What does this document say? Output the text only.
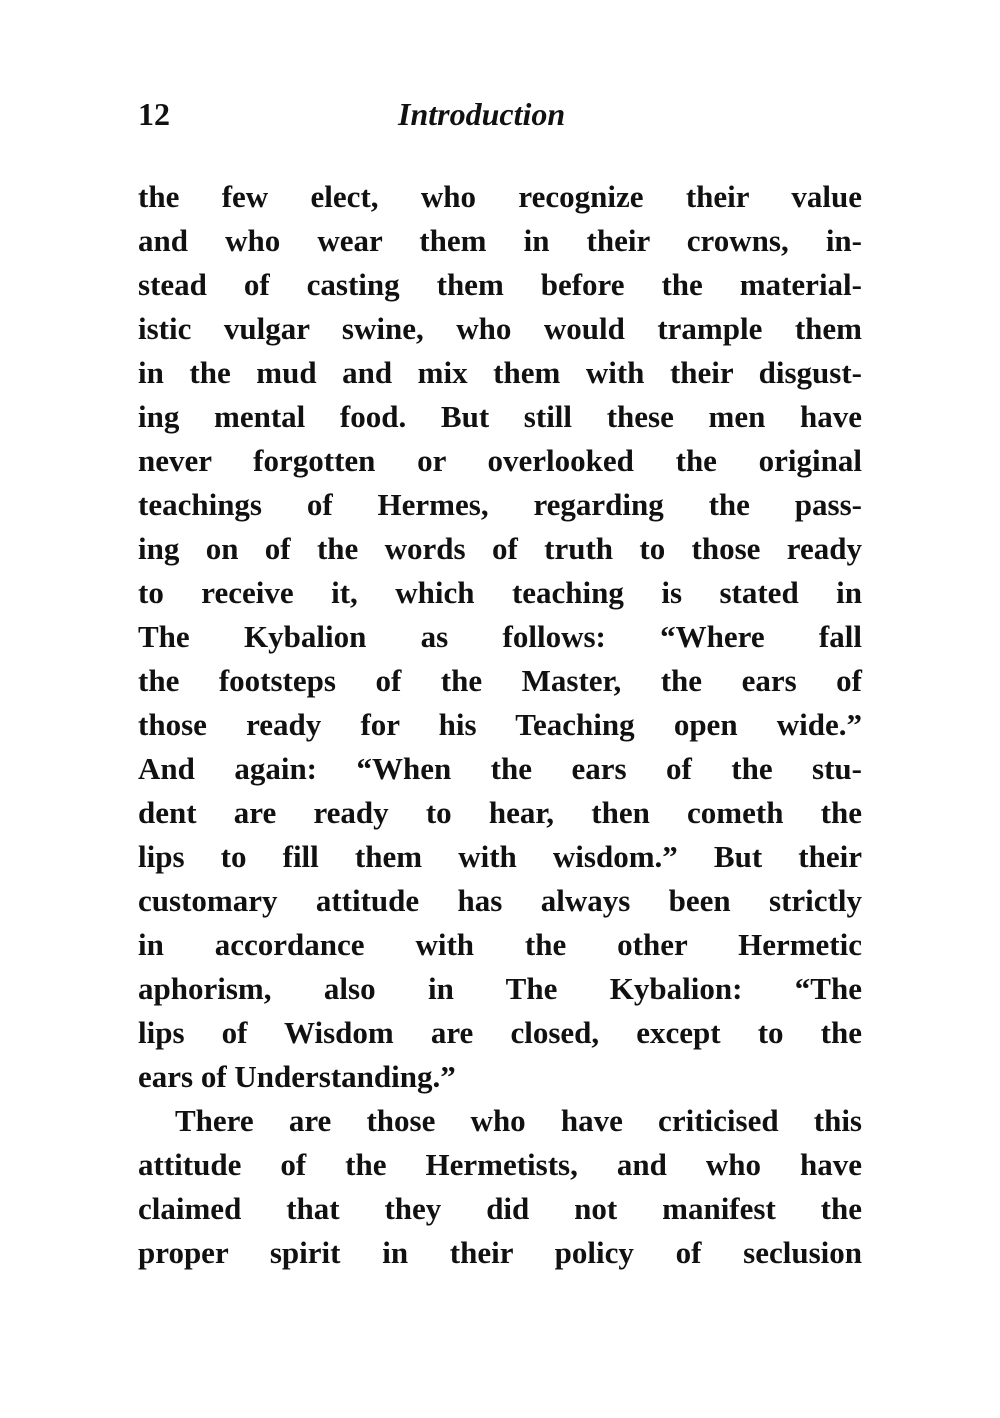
12	Introduction
the few elect, who recognize their value
and who wear them in their crowns, in-
stead of casting them before the material-
istic vulgar swine, who would trample them
in the mud and mix them with their disgust-
ing mental food. But still these men have
never forgotten or overlooked the original
teachings of Hermes, regarding the pass-
ing on of the words of truth to those ready
to receive it, which teaching is stated in
The Kybalion as follows: “Where fall
the footsteps of the Master, the ears of
those ready for his Teaching open wide.”
And again: “When the ears of the stu-
dent are ready to hear, then cometh the
lips to fill them with wisdom.” But their
customary attitude has always been strictly
in accordance with the other Hermetic
aphorism, also in The Kybalion: “The
lips of Wisdom are closed, except to the
ears of Understanding.”
There are those who have criticised this
attitude of the Hermetists, and who have
claimed that they did not manifest the
proper spirit in their policy of seclusion
